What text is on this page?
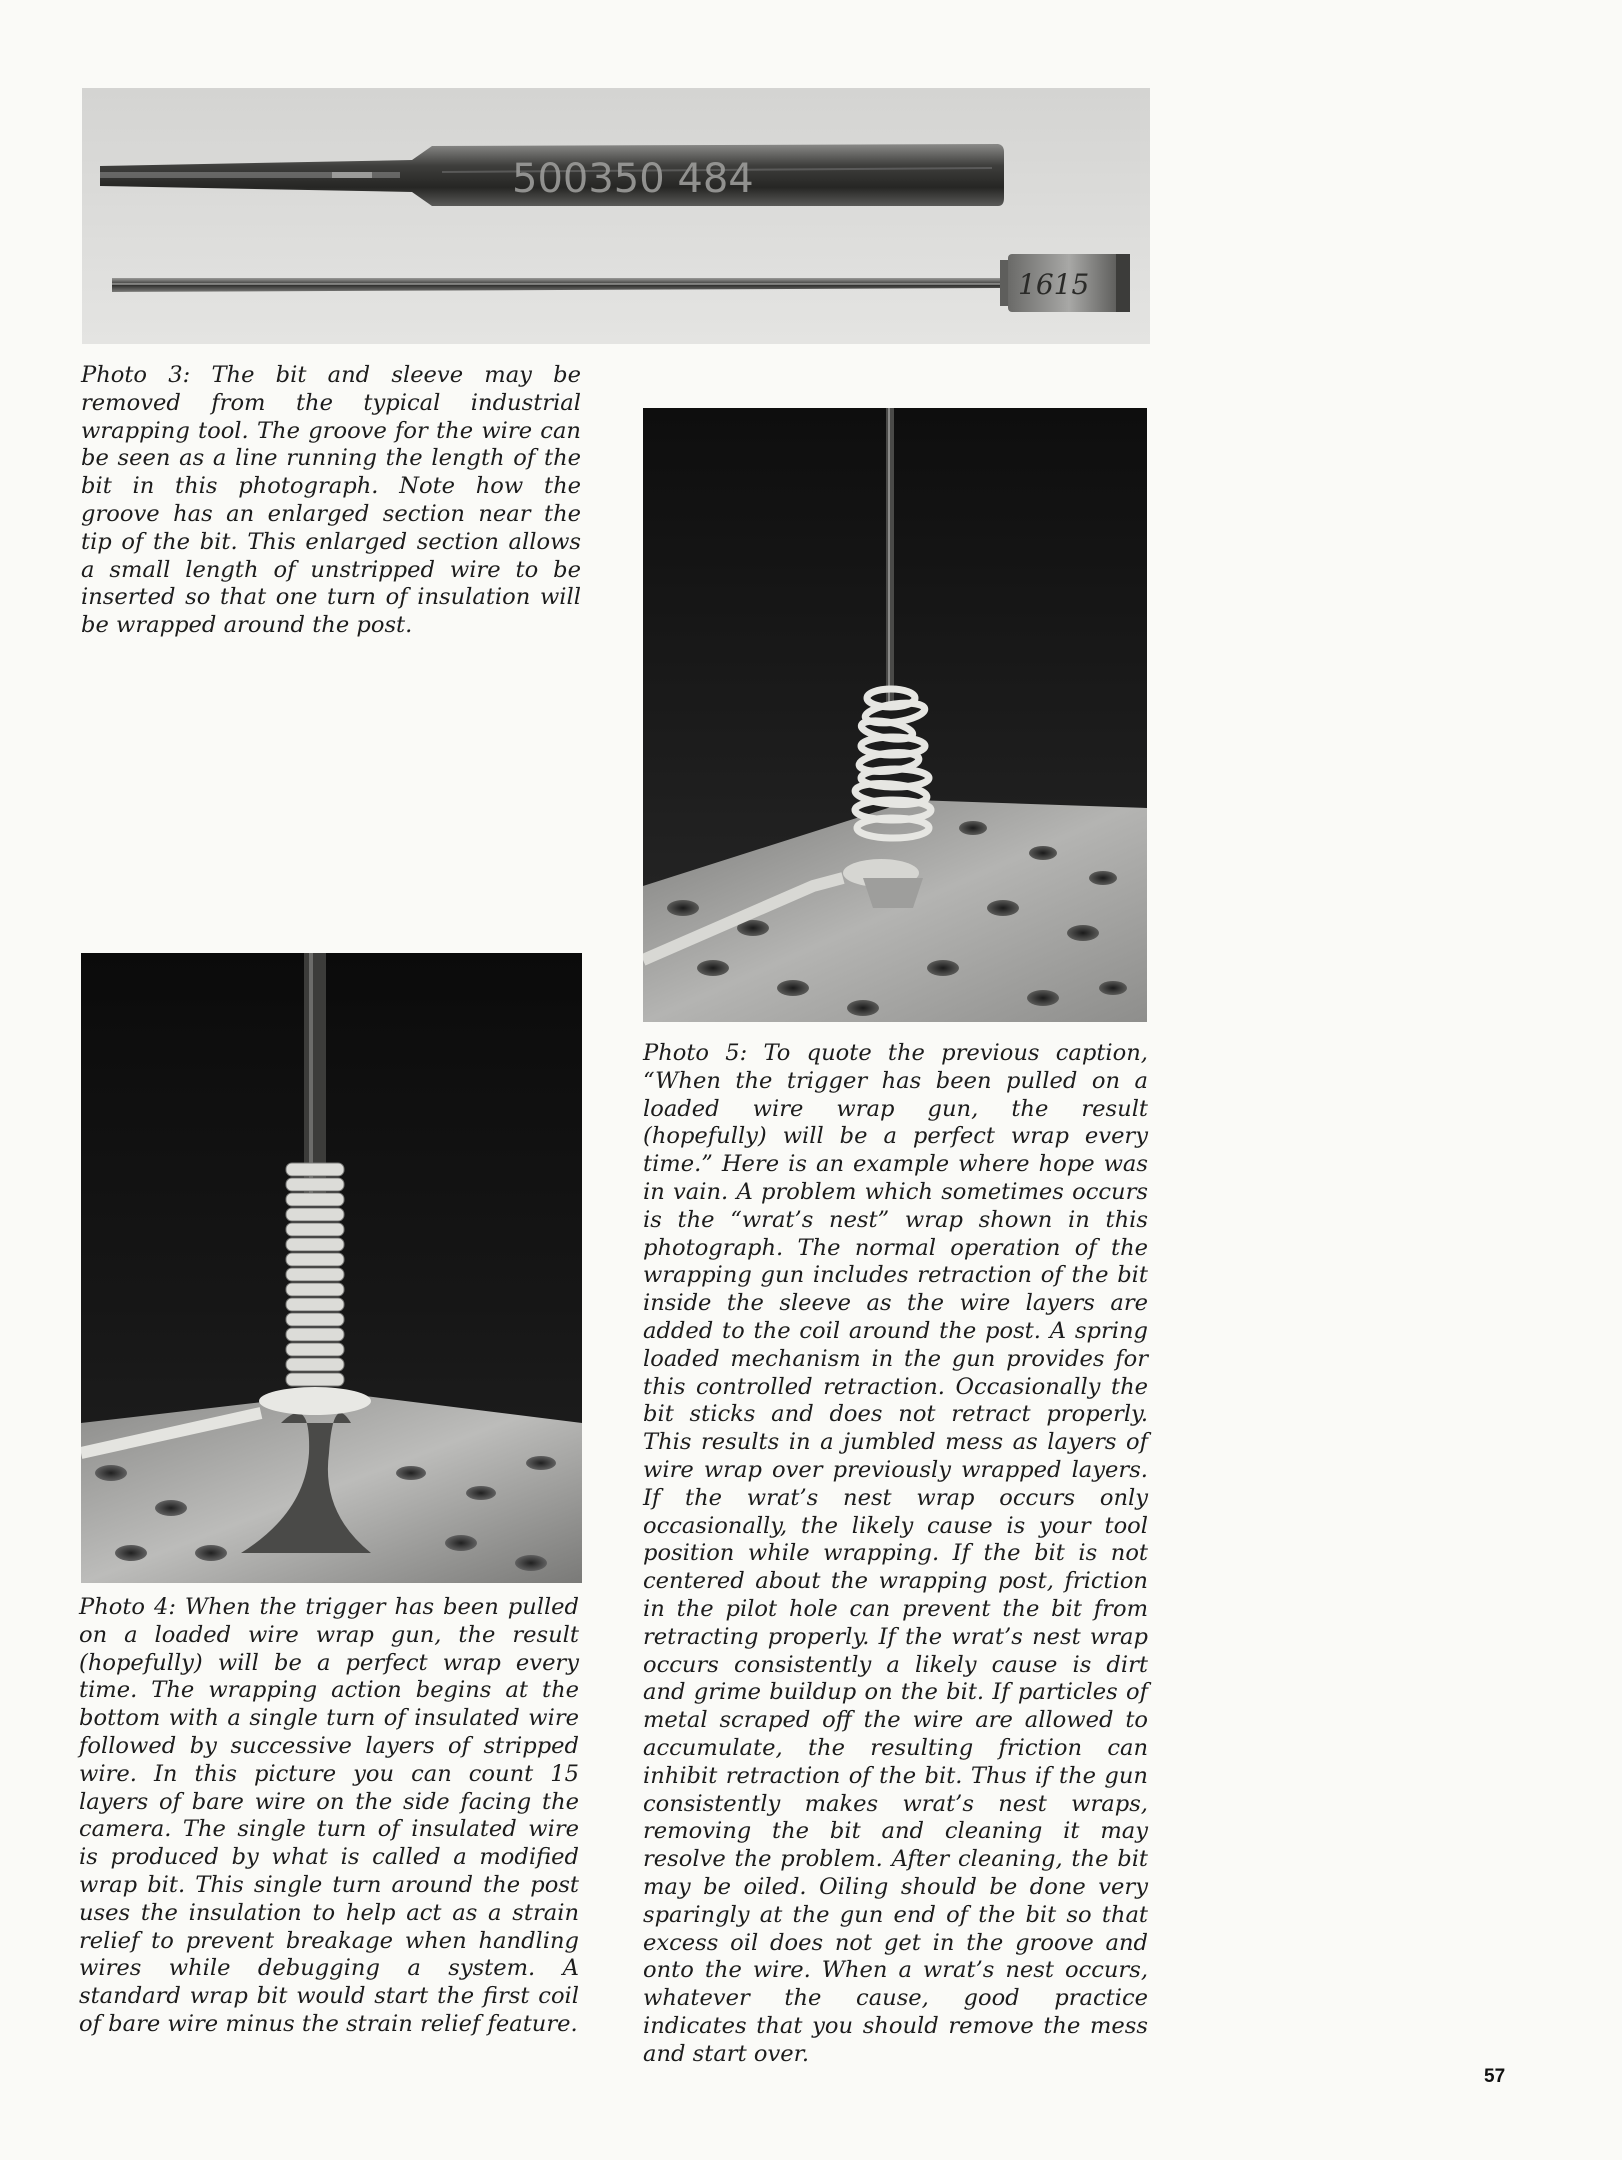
500350 484
1615

Photo 3: The bit and sleeve may be removed from the typical industrial wrapping tool. The groove for the wire can be seen as a line running the length of the bit in this photograph. Note how the groove has an enlarged section near the tip of the bit. This enlarged section allows a small length of unstripped wire to be inserted so that one turn of insulation will be wrapped around the post.

Photo 4: When the trigger has been pulled on a loaded wire wrap gun, the result (hopefully) will be a perfect wrap every time. The wrapping action begins at the bottom with a single turn of insulated wire followed by successive layers of stripped wire. In this picture you can count 15 layers of bare wire on the side facing the camera. The single turn of insulated wire is produced by what is called a modified wrap bit. This single turn around the post uses the insulation to help act as a strain relief to prevent breakage when handling wires while debugging a system. A standard wrap bit would start the first coil of bare wire minus the strain relief feature.

Photo 5: To quote the previous caption, “When the trigger has been pulled on a loaded wire wrap gun, the result (hopefully) will be a perfect wrap every time.” Here is an example where hope was in vain. A problem which sometimes occurs is the “wrat’s nest” wrap shown in this photograph. The normal operation of the wrapping gun includes retraction of the bit inside the sleeve as the wire layers are added to the coil around the post. A spring loaded mechanism in the gun provides for this controlled retraction. Occasionally the bit sticks and does not retract properly. This results in a jumbled mess as layers of wire wrap over previously wrapped layers. If the wrat’s nest wrap occurs only occasionally, the likely cause is your tool position while wrapping. If the bit is not centered about the wrapping post, friction in the pilot hole can prevent the bit from retracting properly. If the wrat’s nest wrap occurs consistently a likely cause is dirt and grime buildup on the bit. If particles of metal scraped off the wire are allowed to accumulate, the resulting friction can inhibit retraction of the bit. Thus if the gun consistently makes wrat’s nest wraps, removing the bit and cleaning it may resolve the problem. After cleaning, the bit may be oiled. Oiling should be done very sparingly at the gun end of the bit so that excess oil does not get in the groove and onto the wire. When a wrat’s nest occurs, whatever the cause, good practice indicates that you should remove the mess and start over.

57
